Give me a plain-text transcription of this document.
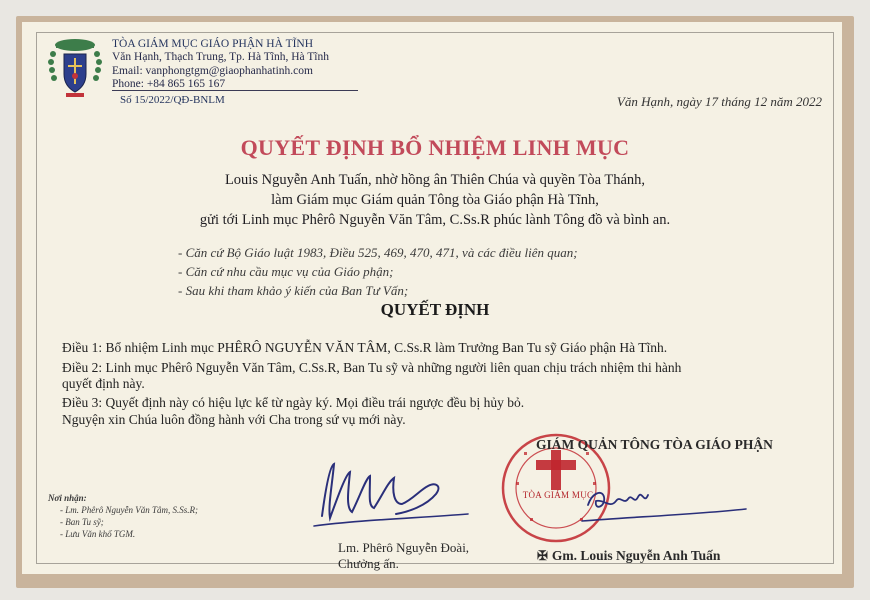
TÒA GIÁM MỤC GIÁO PHẬN HÀ TĨNH
Văn Hạnh, Thạch Trung, Tp. Hà Tĩnh, Hà Tĩnh
Email: vanphongtgm@giaophanhatinh.com
Phone: +84 865 165 167
Số 15/2022/QĐ-BNLM	Văn Hạnh, ngày 17 tháng 12 năm 2022
QUYẾT ĐỊNH BỔ NHIỆM LINH MỤC
Louis Nguyễn Anh Tuấn, nhờ hồng ân Thiên Chúa và quyền Tòa Thánh,
làm Giám mục Giám quản Tông tòa Giáo phận Hà Tĩnh,
gửi tới Linh mục Phêrô Nguyễn Văn Tâm, C.Ss.R phúc lành Tông đồ và bình an.
- Căn cứ Bộ Giáo luật 1983, Điều 525, 469, 470, 471, và các điều liên quan;
- Căn cứ nhu cầu mục vụ của Giáo phận;
- Sau khi tham khảo ý kiến của Ban Tư Vấn;
QUYẾT ĐỊNH
Điều 1: Bổ nhiệm Linh mục PHÊRÔ NGUYỄN VĂN TÂM, C.Ss.R làm Trưởng Ban Tu sỹ Giáo phận Hà Tĩnh.
Điều 2: Linh mục Phêrô Nguyễn Văn Tâm, C.Ss.R, Ban Tu sỹ và những người liên quan chịu trách nhiệm thi hành
quyết định này.
Điều 3: Quyết định này có hiệu lực kể từ ngày ký. Mọi điều trái ngược đều bị hủy bỏ.
Nguyện xin Chúa luôn đồng hành với Cha trong sứ vụ mới này.
Nơi nhận:
- Lm. Phêrô Nguyễn Văn Tâm, S.Ss.R;
- Ban Tu sỹ;
- Lưu Văn khố TGM.
TÒA GIÁM MỤC
GIÁM QUẢN TÔNG TÒA GIÁO PHẬN
Lm. Phêrô Nguyễn Đoài,
Chưởng ấn.
✠ Gm. Louis Nguyễn Anh Tuấn
